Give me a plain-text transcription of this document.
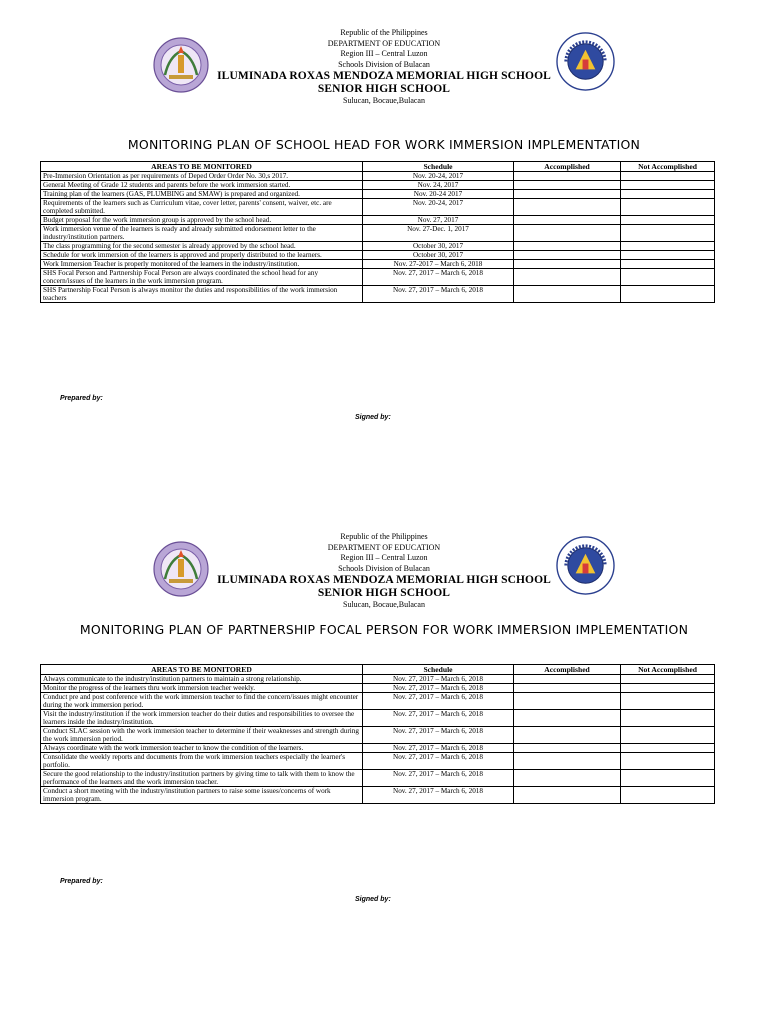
Republic of the Philippines
DEPARTMENT OF EDUCATION
Region III – Central Luzon
Schools Division of Bulacan
ILUMINADA ROXAS MENDOZA MEMORIAL HIGH SCHOOL
SENIOR HIGH SCHOOL
Sulucan, Bocaue,Bulacan
MONITORING PLAN OF SCHOOL HEAD FOR WORK IMMERSION IMPLEMENTATION
AREAS TO BE MONITORED	Schedule	Accomplished	Not Accomplished
Pre-Immersion Orientation as per requirements of Deped Order Order No. 30,s 2017.	Nov. 20-24, 2017		
General Meeting of Grade 12 students and parents before the work immersion started.	Nov. 24, 2017		
Training plan of the learners (GAS, PLUMBING and SMAW) is prepared and organized.	Nov. 20-24 2017		
Requirements of the learners such as Curriculum vitae, cover letter, parents' consent, waiver, etc. are completed submitted.	Nov. 20-24, 2017		
Budget proposal for the work immersion group is approved by the school head.	Nov. 27, 2017		
Work immersion venue of the learners is ready and already submitted endorsement letter to the industry/institution partners.	Nov. 27-Dec. 1, 2017		
The class programming for the second semester is already approved by the school head.	October 30, 2017		
Schedule for work immersion of the learners is approved and properly distributed to the learners.	October 30, 2017		
Work Immersion Teacher is properly monitored of the learners in the industry/institution.	Nov. 27-2017 – March 6, 2018		
SHS Focal Person and Partnership Focal Person are always coordinated the school head for any concern/issues of the learners in the work immersion program.	Nov. 27, 2017 – March 6, 2018		
SHS Partnership Focal Person is always monitor the duties and responsibilities of the work immersion teachers	Nov. 27, 2017 – March 6, 2018		
Prepared by:
Signed by:
Republic of the Philippines
DEPARTMENT OF EDUCATION
Region III – Central Luzon
Schools Division of Bulacan
ILUMINADA ROXAS MENDOZA MEMORIAL HIGH SCHOOL
SENIOR HIGH SCHOOL
Sulucan, Bocaue,Bulacan
MONITORING PLAN OF PARTNERSHIP FOCAL PERSON FOR WORK IMMERSION IMPLEMENTATION
AREAS TO BE MONITORED	Schedule	Accomplished	Not Accomplished
Always communicate to the industry/institution partners to maintain a strong relationship.	Nov. 27, 2017 – March 6, 2018		
Monitor the progress of the learners thru work immersion teacher weekly.	Nov. 27, 2017 – March 6, 2018		
Conduct pre and post conference with the work immersion teacher to find the concern/issues might encounter during the work immersion period.	Nov. 27, 2017 – March 6, 2018		
Visit the industry/institution if the work immersion teacher do their duties and responsibilities to oversee the learners inside the industry/institution.	Nov. 27, 2017 – March 6, 2018		
Conduct SLAC session with the work immersion teacher to determine if their weaknesses and strength during the work immersion period.	Nov. 27, 2017 – March 6, 2018		
Always coordinate with the work immersion teacher to know the condition of the learners.	Nov. 27, 2017 – March 6, 2018		
Consolidate the weekly reports and documents from the work immersion teachers especially the learner's portfolio.	Nov. 27, 2017 – March 6, 2018		
Secure the good relationship to the industry/institution partners by giving time to talk with them to know the performance of the learners and the work immersion teacher.	Nov. 27, 2017 – March 6, 2018		
Conduct a short meeting with the industry/institution partners to raise some issues/concerns of work immersion program.	Nov. 27, 2017 – March 6, 2018		
Prepared by:
Signed by:
